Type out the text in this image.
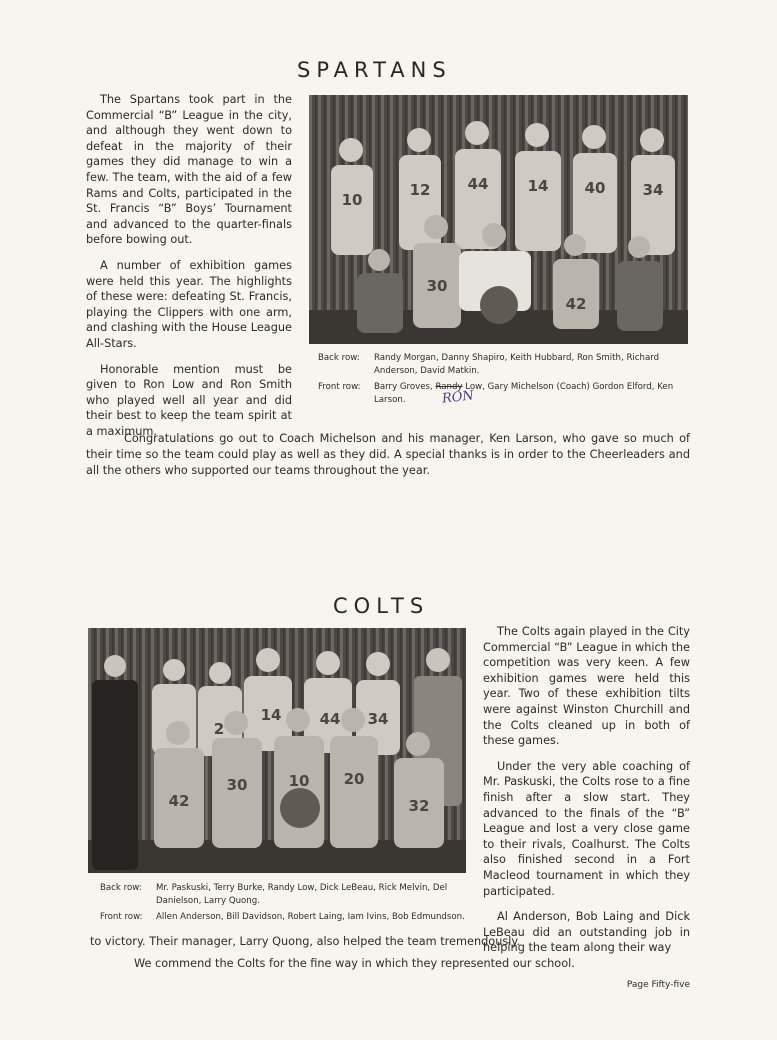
SPARTANS

The Spartans took part in the Commercial “B” League in the city, and although they went down to defeat in the majority of their games they did manage to win a few. The team, with the aid of a few Rams and Colts, participated in the St. Francis “B” Boys’ Tournament and advanced to the quarter-finals before bowing out.

A number of exhibition games were held this year. The highlights of these were: defeating St. Francis, playing the Clippers with one arm, and clashing with the House League All-Stars.

Honorable mention must be given to Ron Low and Ron Smith who played well all year and did their best to keep the team spirit at a maximum.

10
12 44	14 40 34
30
42
Back row: Randy Morgan, Danny Shapiro, Keith Hubbard, Ron Smith, Richard Anderson, David Matkin.
Front row: Barry Groves, Randy Low, Gary Michelson (Coach) Gordon Elford, Ken Larson.	RON

Congratulations go out to Coach Michelson and his manager, Ken Larson, who gave so much of their time so the team could play as well as they did. A special thanks is in order to the Cheerleaders and all the others who supported our teams throughout the year.

COLTS
2
14	44 34
42
30	10 20
32
Back row: Mr. Paskuski, Terry Burke, Randy Low, Dick LeBeau, Rick Melvin, Del Danielson, Larry Quong.
Front row: Allen Anderson, Bill Davidson, Robert Laing, Iam Ivins, Bob Edmundson.

The Colts again played in the City Commercial “B” League in which the competition was very keen. A few exhibition games were held this year. Two of these exhibition tilts were against Winston Churchill and the Colts cleaned up in both of these games.

Under the very able coaching of Mr. Paskuski, the Colts rose to a fine finish after a slow start. They advanced to the finals of the “B” League and lost a very close game to their rivals, Coalhurst. The Colts also finished second in a Fort Macleod tournament in which they participated.

Al Anderson, Bob Laing and Dick LeBeau did an outstanding job in helping the team along their way

to victory. Their manager, Larry Quong, also helped the team tremendously.

We commend the Colts for the fine way in which they represented our school.

Page Fifty-five
